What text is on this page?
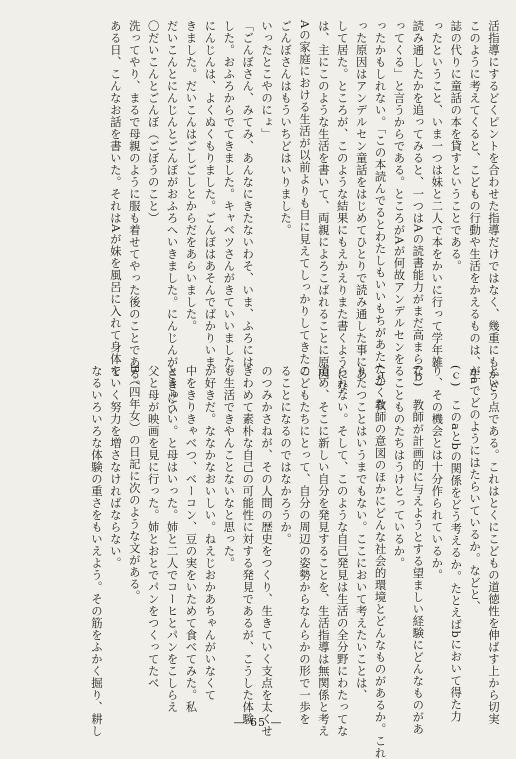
活指導にするどくピントを合わせた指導だけではなく、幾重にもかさ
このように考えてくると、こどもの行動や生活をかえるものは、生
誌の代りに童話の本を貸すということである。
ったということ、いま一つは妹と二人で本をかいに行って学年雑
読み通したかを追ってみると、一つはAの読書能力がまだ高まらな
ってくる」と言うからである。ところがAが何故アンデルセンを
ったかもしれない。「この本読んでるとわたしもいいもちがあたたかくな
った原因はアンデルセン童話をはじめてひとりで読み通した事にあ
して居た。ところが、このような結果にもえかえりまた書くようにな
は、主にこのような生活を書いて、両親によろこばれることに原因
Aの家庭における生活が以前よりも目に見えてしっかりしてきたの
ごんぼさんはもういちどはいりました。
いったとこやのにょ」
「ごんぼさん、みてみ、あんなにきたないわそ、いま、ふろには
した。おふろからでてきました。キャベツさんがきていいました。
にんじんは、よくぬくもりました。ごんぼはあそんでばかりいま
きました。だいこんはごしごしとからだをあらいました。
だいこんとにんじんとごんぼがおふろへいきました。にんじんがさきにい
〇だいこんとごんぼ（ごぼうのこと）
洗ってやり、まるで母親のように服も着せてやった後のことである。
ある日、こんなお話を書いた。それはAが妹を風呂に入れて身体を
という点である。これはとくにこどもの道徳性を伸ばす上から切実
がaでどのようにはたらいているか。などと、
(ｃ)　このaとbの関係をどう考えるか。たとえばbにおいて得た力
り、その機会とは十分作られているか。
(ｂ)　教師が計画的に与えようとする望ましい経験にどんなものがあ
ることものたちはうけとっているか。
(ａ)　教師の意図のほかにどんな社会的環境とどんなものがあるか。これ
りたつことはいうまでもない。ここにおいて考えたいことは、
られない。そして、このような自己発見は生活の全分野にわたってな
道め、そこに新しい自分を発見することを、生活指導は無関係と考え
こどもたちにとって、自分の周辺の姿勢からなんらかの形で一歩を
ることになるのではなかろうか。
のつみかさねが、その人間の歴史をつくり、生きていく支点を太くせ
きわめて素朴な自己の可能性に対する発見であるが、こうした体験
も生活できやんことないなと思った。
が好きだ。ななかなおいしい。ねえじおかあちゃんがいなくて
中をきりきゃべつ、ベーコン、豆の実をいためて食べてみた。私
ときゅうい。と母はいった。姉と二人でコーヒとパンをこしらえ
父と母が映画を見に行った。姉とおとでパンをつくってたべ
B（四年女）の日記に次のような文がある。
ていく努力を増さなければならない。
なるいろいろな体験の重さをもいえよう。その筋をふかく掘り、耕し	— 65 —
